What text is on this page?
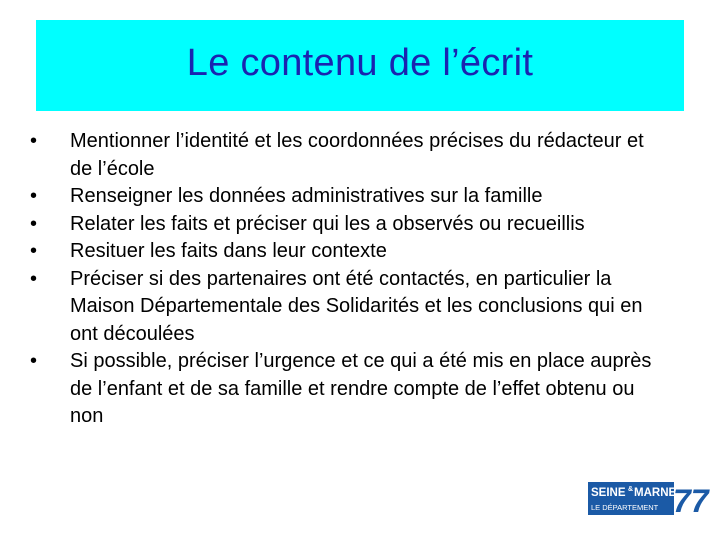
Le contenu de l’écrit
•	Mentionner l’identité et les coordonnées précises du rédacteur et de l’école
•	Renseigner les données administratives sur la famille
•	Relater les faits et préciser qui les a observés ou recueillis
•	Resituer les faits dans leur contexte
•	Préciser si des partenaires ont été contactés, en particulier la Maison Départementale des Solidarités et les conclusions qui en ont découlées
•	Si possible, préciser l’urgence et ce qui a été mis en place auprès de l’enfant et de sa famille et rendre compte de l’effet obtenu ou non
SEINE & MARNE
LE DÉPARTEMENT 77
